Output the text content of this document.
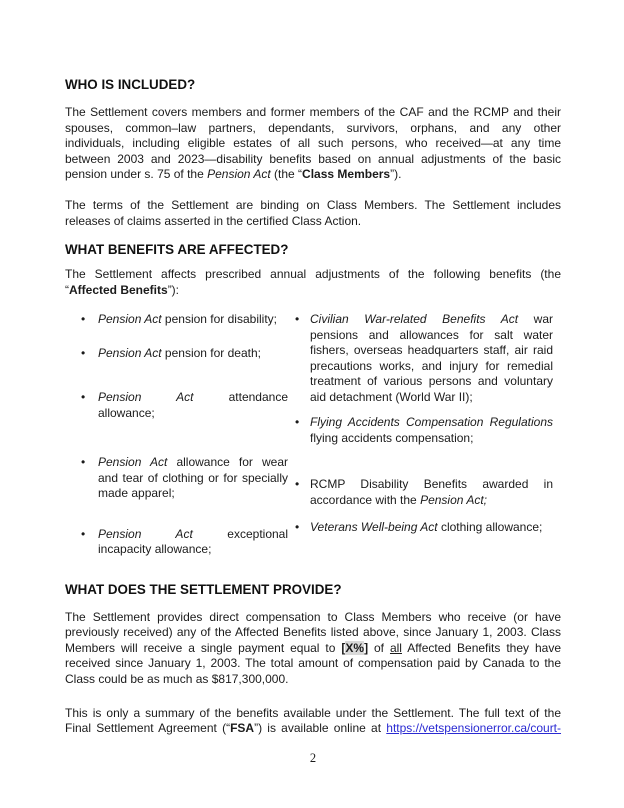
WHO IS INCLUDED?
The Settlement covers members and former members of the CAF and the RCMP and their
spouses, common–law partners, dependants, survivors, orphans, and any other
individuals, including eligible estates of all such persons, who received—at any time
between 2003 and 2023—disability benefits based on annual adjustments of the basic
pension under s. 75 of the Pension Act (the “Class Members”).
The terms of the Settlement are binding on Class Members. The Settlement includes
releases of claims asserted in the certified Class Action.
WHAT BENEFITS ARE AFFECTED?
The Settlement affects prescribed annual adjustments of the following benefits (the
“Affected Benefits”):
• Pension Act pension for disability;
• Pension Act pension for death;
• Pension Act attendance
allowance;
• Pension Act allowance for wear
and tear of clothing or for specially
made apparel;
• Pension Act exceptional
incapacity allowance;
• Civilian War-related Benefits Act war
pensions and allowances for salt water
fishers, overseas headquarters staff, air raid
precautions works, and injury for remedial
treatment of various persons and voluntary
aid detachment (World War II);
• Flying Accidents Compensation Regulations
flying accidents compensation;
• RCMP Disability Benefits awarded in
accordance with the Pension Act;
• Veterans Well-being Act clothing allowance;
WHAT DOES THE SETTLEMENT PROVIDE?
The Settlement provides direct compensation to Class Members who receive (or have
previously received) any of the Affected Benefits listed above, since January 1, 2003. Class
Members will receive a single payment equal to [X%] of all Affected Benefits they have
received since January 1, 2003. The total amount of compensation paid by Canada to the
Class could be as much as $817,300,000.
This is only a summary of the benefits available under the Settlement. The full text of the
Final Settlement Agreement (“FSA”) is available online at https://vetspensionerror.ca/court-
2
